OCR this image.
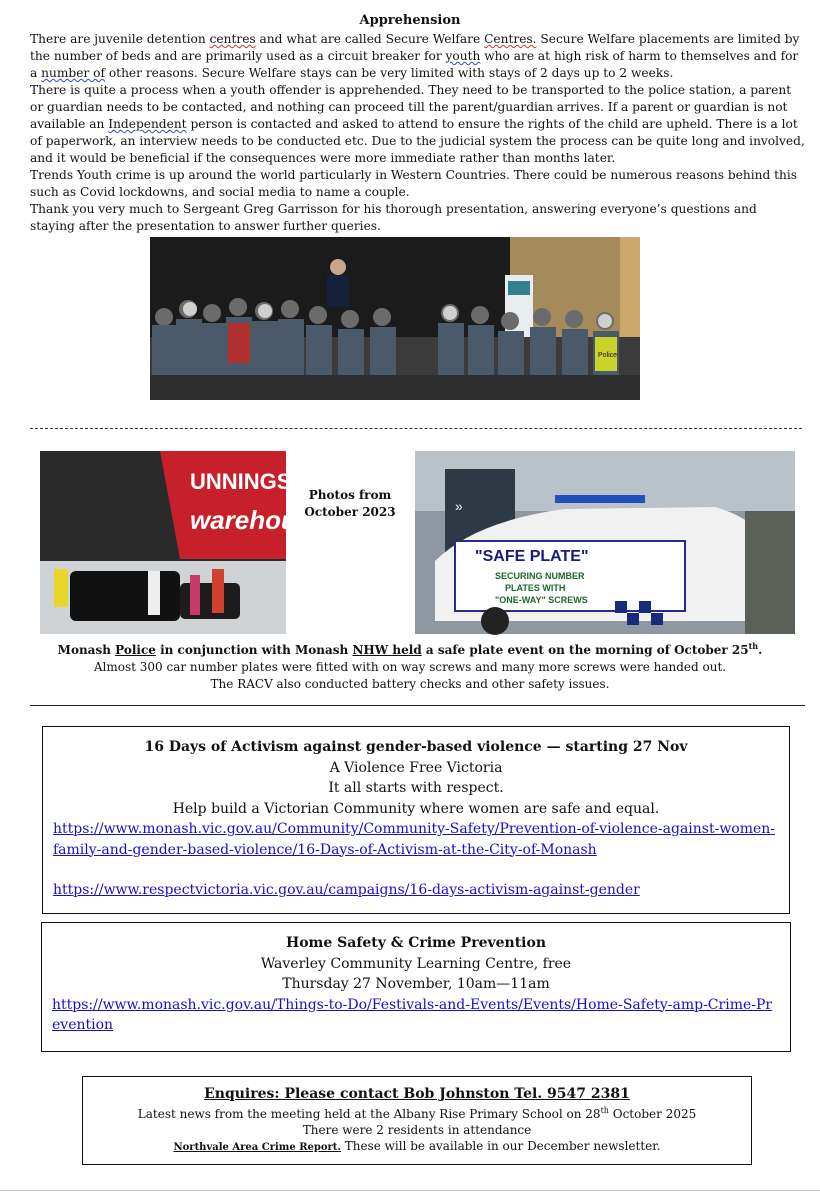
Apprehension

There are juvenile detention centres and what are called Secure Welfare Centres. Secure Welfare placements are limited by the number of beds and are primarily used as a circuit breaker for youth who are at high risk of harm to themselves and for a number of other reasons. Secure Welfare stays can be very limited with stays of 2 days up to 2 weeks.

There is quite a process when a youth offender is apprehended. They need to be transported to the police station, a parent or guardian needs to be contacted, and nothing can proceed till the parent/guardian arrives. If a parent or guardian is not available an Independent person is contacted and asked to attend to ensure the rights of the child are upheld. There is a lot of paperwork, an interview needs to be conducted etc. Due to the judicial system the process can be quite long and involved, and it would be beneficial if the consequences were more immediate rather than months later.

Trends Youth crime is up around the world particularly in Western Countries. There could be numerous reasons behind this such as Covid lockdowns, and social media to name a couple.

Thank you very much to Sergeant Greg Garrisson for his thorough presentation, answering everyone’s questions and staying after the presentation to answer further queries.

Police
UNNINGS
warehouse
Photos from
October 2023	»
"SAFE PLATE"
SECURING NUMBER
PLATES WITH
"ONE-WAY" SCREWS

Monash Police in conjunction with Monash NHW held a safe plate event on the morning of October 25th.

Almost 300 car number plates were fitted with on way screws and many more screws were handed out.

The RACV also conducted battery checks and other safety issues.

16 Days of Activism against gender-based violence — starting 27 Nov
A Violence Free Victoria
It all starts with respect.
Help build a Victorian Community where women are safe and equal.
https://www.monash.vic.gov.au/Community/Community-Safety/Prevention-of-violence-against-women-family-and-gender-based-violence/16-Days-of-Activism-at-the-City-of-Monash
https://www.respectvictoria.vic.gov.au/campaigns/16-days-activism-against-gender
Home Safety & Crime Prevention
Waverley Community Learning Centre, free
Thursday 27 November, 10am—11am
https://www.monash.vic.gov.au/Things-to-Do/Festivals-and-Events/Events/Home-Safety-amp-Crime-Prevention
Enquires: Please contact Bob Johnston Tel. 9547 2381
Latest news from the meeting held at the Albany Rise Primary School on 28th October 2025
There were 2 residents in attendance
Northvale Area Crime Report. These will be available in our December newsletter.
